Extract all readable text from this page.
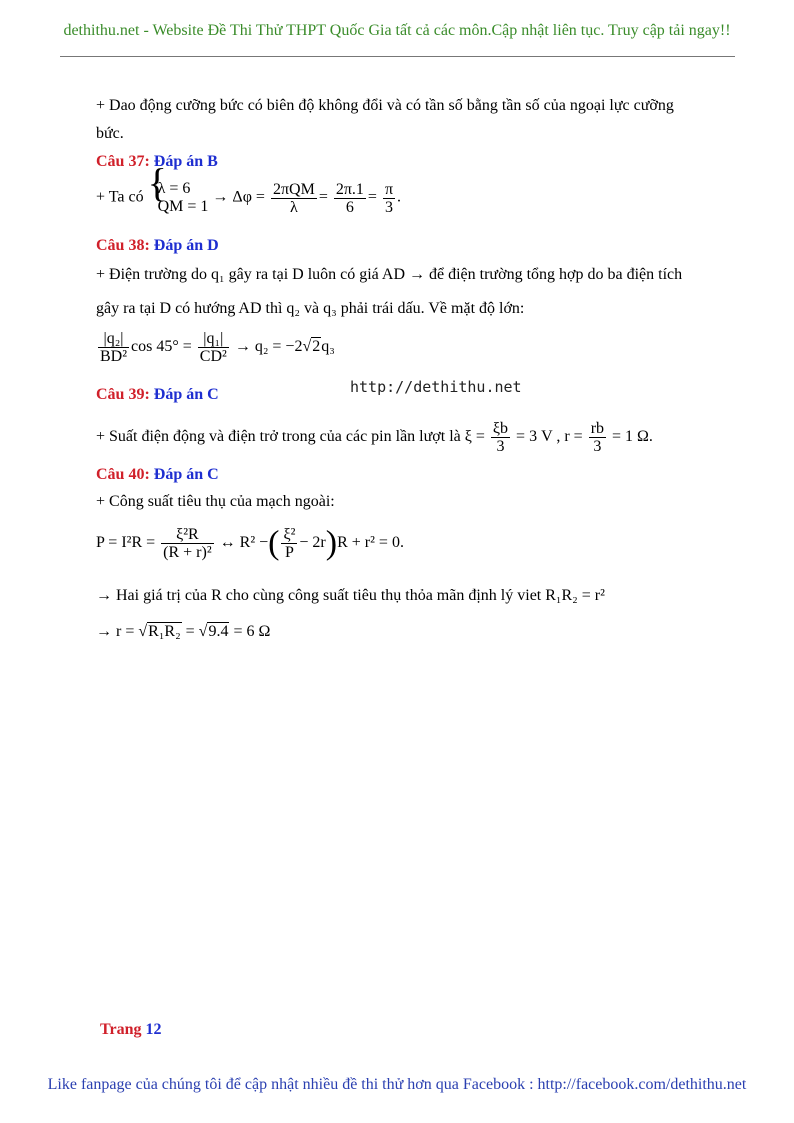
dethithu.net - Website Đề Thi Thử THPT Quốc Gia tất cả các môn.Cập nhật liên tục. Truy cập tải ngay!!
+ Dao động cưỡng bức có biên độ không đổi và có tần số bằng tần số của ngoại lực cưỡng
bức.
Câu 37: Đáp án B
+ Ta có {
λ = 6
QM = 1
→ $\Delta\varphi = \frac{\text{2πQM}}{\lambda} = \frac{2\pi.1}{6} = \frac{\pi}{3}$ .
Câu 38: Đáp án D
+ Điện trường do q₁ gây ra tại D luôn có giá AD → để điện trường tổng hợp do ba điện tích
gây ra tại D có hướng AD thì q₂ và q₃ phải trái dấu. Về mặt độ lớn:
$\frac{\text{|q₂|}}{\text{BD²}}$ $\cos 45^\circ = \frac{\text{|q₁|}}{\text{CD²}} \to q_2 = -2√2q_3$
http://dethithu.net
Câu 39: Đáp án C
+ Suất điện động và điện trở trong của các pin lần lượt là $\xi = \frac{\xi b}{3} = 3$ V , $r = \frac{rb}{3} = 1$ Ω.
Câu 40: Đáp án C
+ Công suất tiêu thụ của mạch ngoài:
$P = I^2R = \frac{\text{ξ²R}}{\text{(R + r)²}}$ ↔ R² −( $\frac{\text{ξ²}}{P} - 2r)R + r^2 = 0$.
→ Hai giá trị của R cho cùng công suất tiêu thụ thỏa mãn định lý viet R₁R₂ = r²
→ r = √R₁R₂ = √9.4 = 6 Ω
Trang 12
Like fanpage của chúng tôi để cập nhật nhiều đề thi thử hơn qua Facebook : http://facebook.com/dethithu.net
